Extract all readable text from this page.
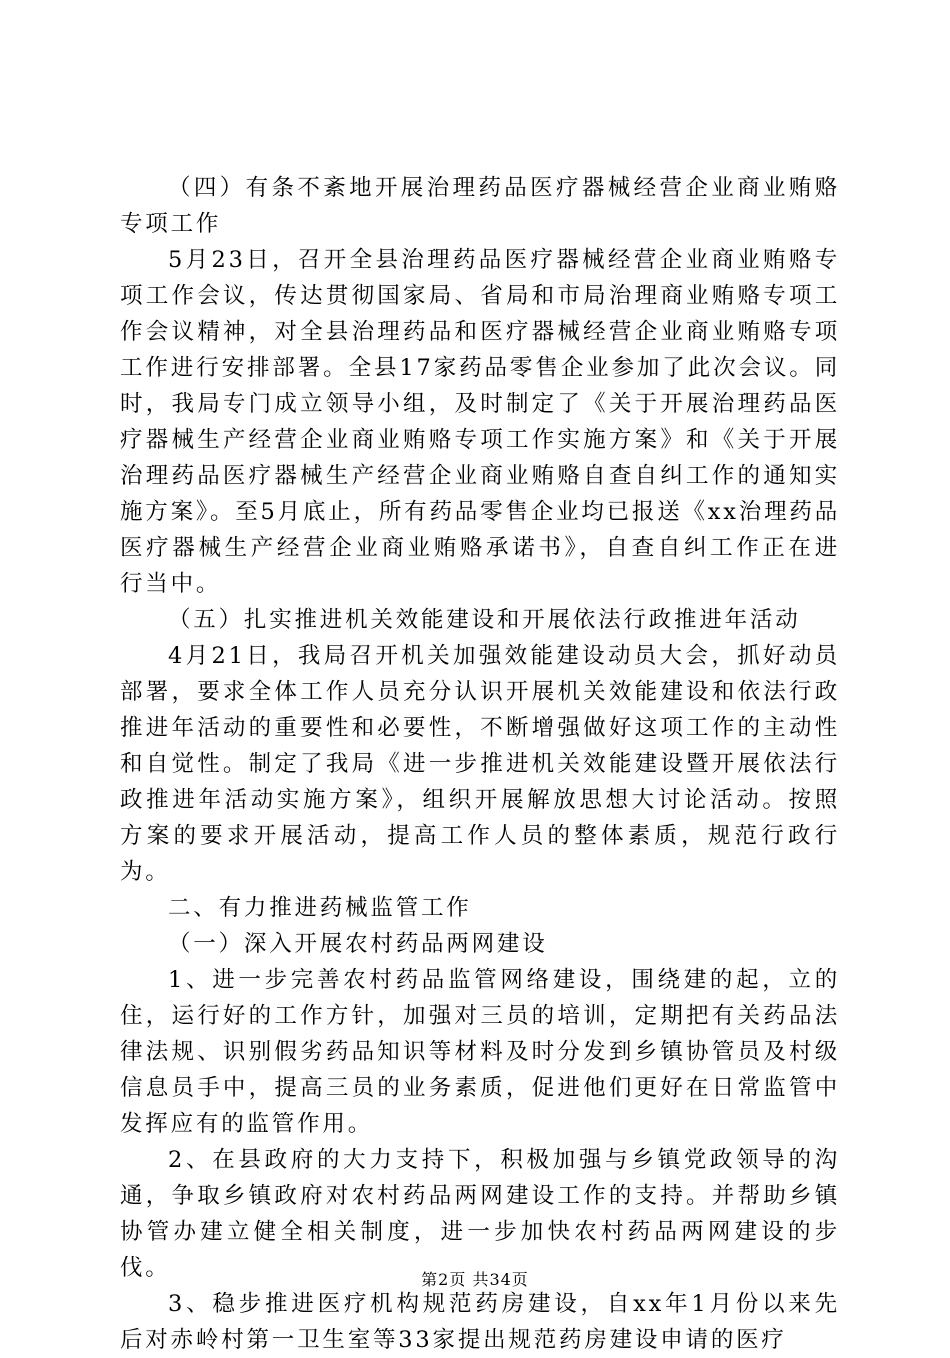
（四）有条不紊地开展治理药品医疗器械经营企业商业贿赂专项工作

5月23日，召开全县治理药品医疗器械经营企业商业贿赂专项工作会议，传达贯彻国家局、省局和市局治理商业贿赂专项工作会议精神，对全县治理药品和医疗器械经营企业商业贿赂专项工作进行安排部署。全县17家药品零售企业参加了此次会议。同时，我局专门成立领导小组，及时制定了《关于开展治理药品医疗器械生产经营企业商业贿赂专项工作实施方案》和《关于开展治理药品医疗器械生产经营企业商业贿赂自查自纠工作的通知实施方案》。至5月底止，所有药品零售企业均已报送《xx治理药品医疗器械生产经营企业商业贿赂承诺书》，自查自纠工作正在进行当中。

（五）扎实推进机关效能建设和开展依法行政推进年活动

4月21日，我局召开机关加强效能建设动员大会，抓好动员部署，要求全体工作人员充分认识开展机关效能建设和依法行政推进年活动的重要性和必要性，不断增强做好这项工作的主动性和自觉性。制定了我局《进一步推进机关效能建设暨开展依法行政推进年活动实施方案》，组织开展解放思想大讨论活动。按照方案的要求开展活动，提高工作人员的整体素质，规范行政行为。

二、有力推进药械监管工作

（一）深入开展农村药品两网建设

1、进一步完善农村药品监管网络建设，围绕建的起，立的住，运行好的工作方针，加强对三员的培训，定期把有关药品法律法规、识别假劣药品知识等材料及时分发到乡镇协管员及村级信息员手中，提高三员的业务素质，促进他们更好在日常监管中发挥应有的监管作用。

2、在县政府的大力支持下，积极加强与乡镇党政领导的沟通，争取乡镇政府对农村药品两网建设工作的支持。并帮助乡镇协管办建立健全相关制度，进一步加快农村药品两网建设的步伐。

3、稳步推进医疗机构规范药房建设，自xx年1月份以来先后对赤岭村第一卫生室等33家提出规范药房建设申请的医疗

第2页 共34页
